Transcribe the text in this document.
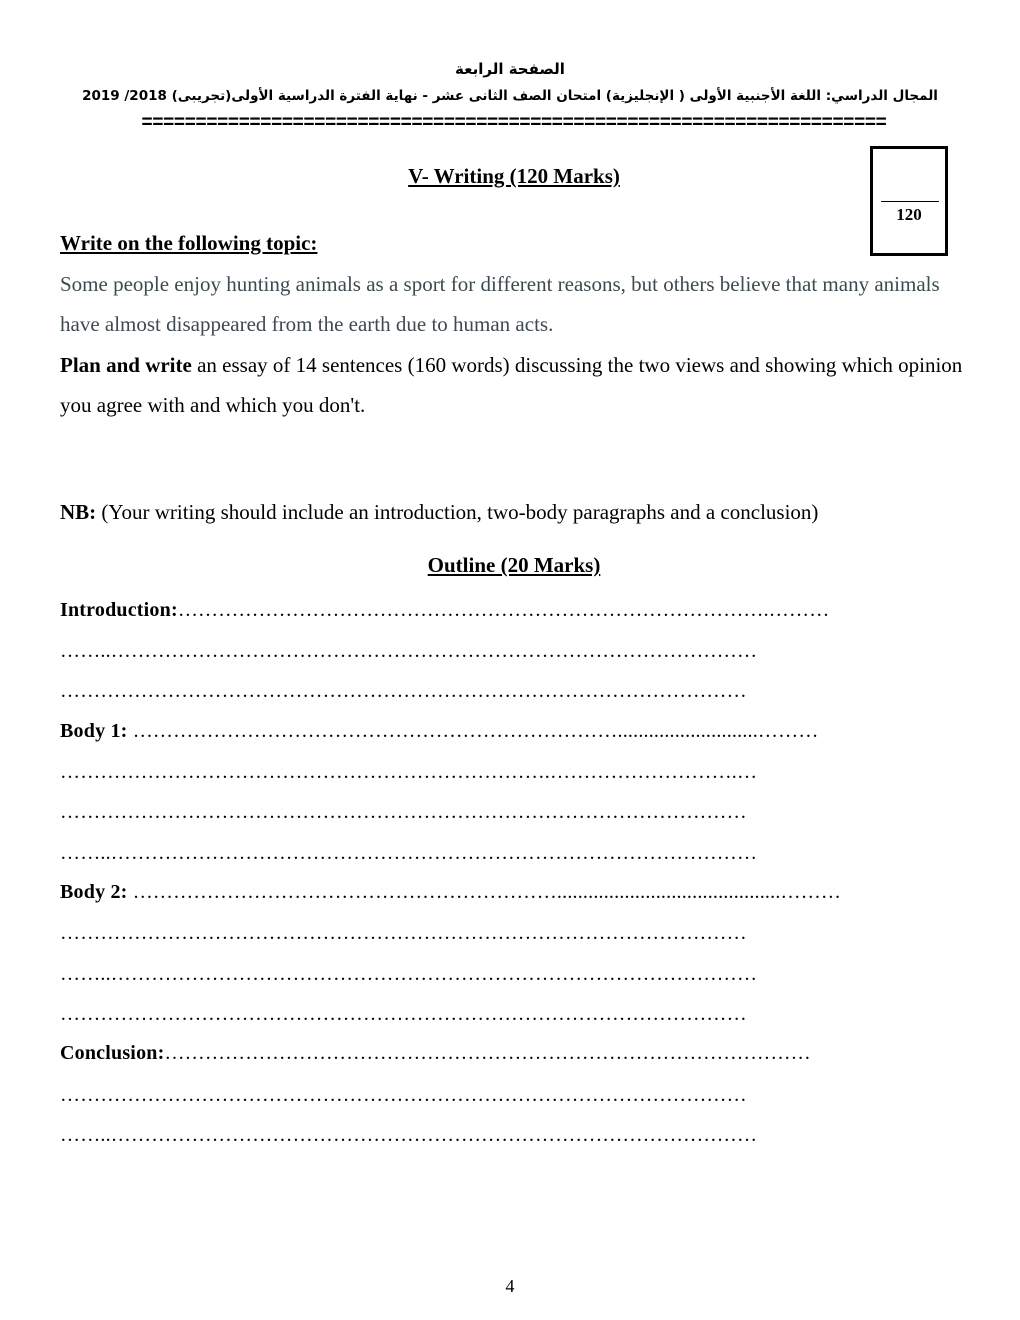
الصفحة الرابعة
المجال الدراسي: اللغة الأجنبية الأولى ( الإنجليزية) امتحان الصف الثانى عشر - نهاية الفترة الدراسية الأولى(تجريبى) 2018/ 2019
=====================================================================
V- Writing (120 Marks)
120
Write on the following topic:
Some people enjoy hunting animals as a sport for different reasons, but others believe that many animals have almost disappeared from the earth due to human acts.
Plan and write an essay of 14 sentences (160 words) discussing the two views and showing which opinion you agree with and which you don't.
NB: (Your writing should include an introduction, two-body paragraphs and a conclusion)
Outline (20 Marks)
Introduction:…………………………………………………………………………….………
……..……………………………………………………………………………………
…………………………………………………………………………………………
Body 1: ………………………………………………………………...........................………
……………………………………………………………….……………………….…
…………………………………………………………………………………………
……..……………………………………………………………………………………
Body 2: ………………………………………………………...........................................………
…………………………………………………………………………………………
……..……………………………………………………………………………………
…………………………………………………………………………………………
Conclusion:……………………………………………………………………………………
…………………………………………………………………………………………
……..……………………………………………………………………………………
4
